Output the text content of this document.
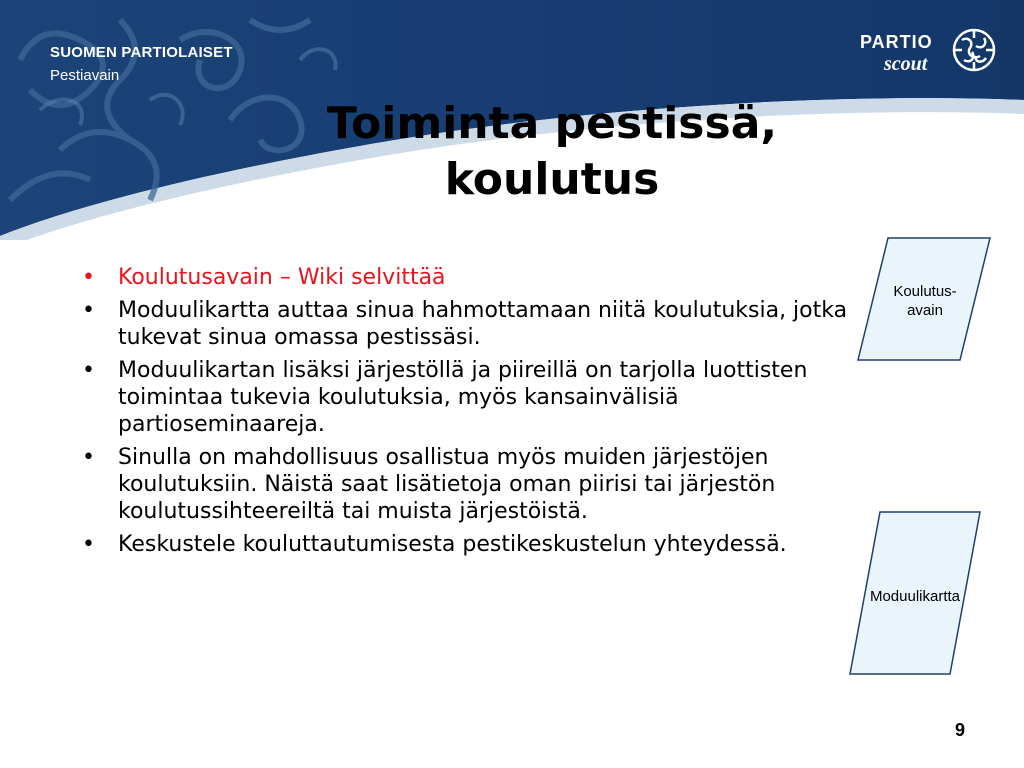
SUOMEN PARTIOLAISET
Pestiavain
PARTIO
scout
Toiminta pestissä,
koulutus
• Koulutusavain – Wiki selvittää
• Moduulikartta auttaa sinua hahmottamaan niitä koulutuksia, jotka tukevat sinua omassa pestissäsi.
• Moduulikartan lisäksi järjestöllä ja piireillä on tarjolla luottisten toimintaa tukevia koulutuksia, myös kansainvälisiä partioseminaareja.
• Sinulla on mahdollisuus osallistua myös muiden järjestöjen koulutuksiin. Näistä saat lisätietoja oman piirisi tai järjestön koulutussihteereiltä tai muista järjestöistä.
• Keskustele kouluttautumisesta pestikeskustelun yhteydessä.
Koulutus-
avain
Moduulikartta
9
